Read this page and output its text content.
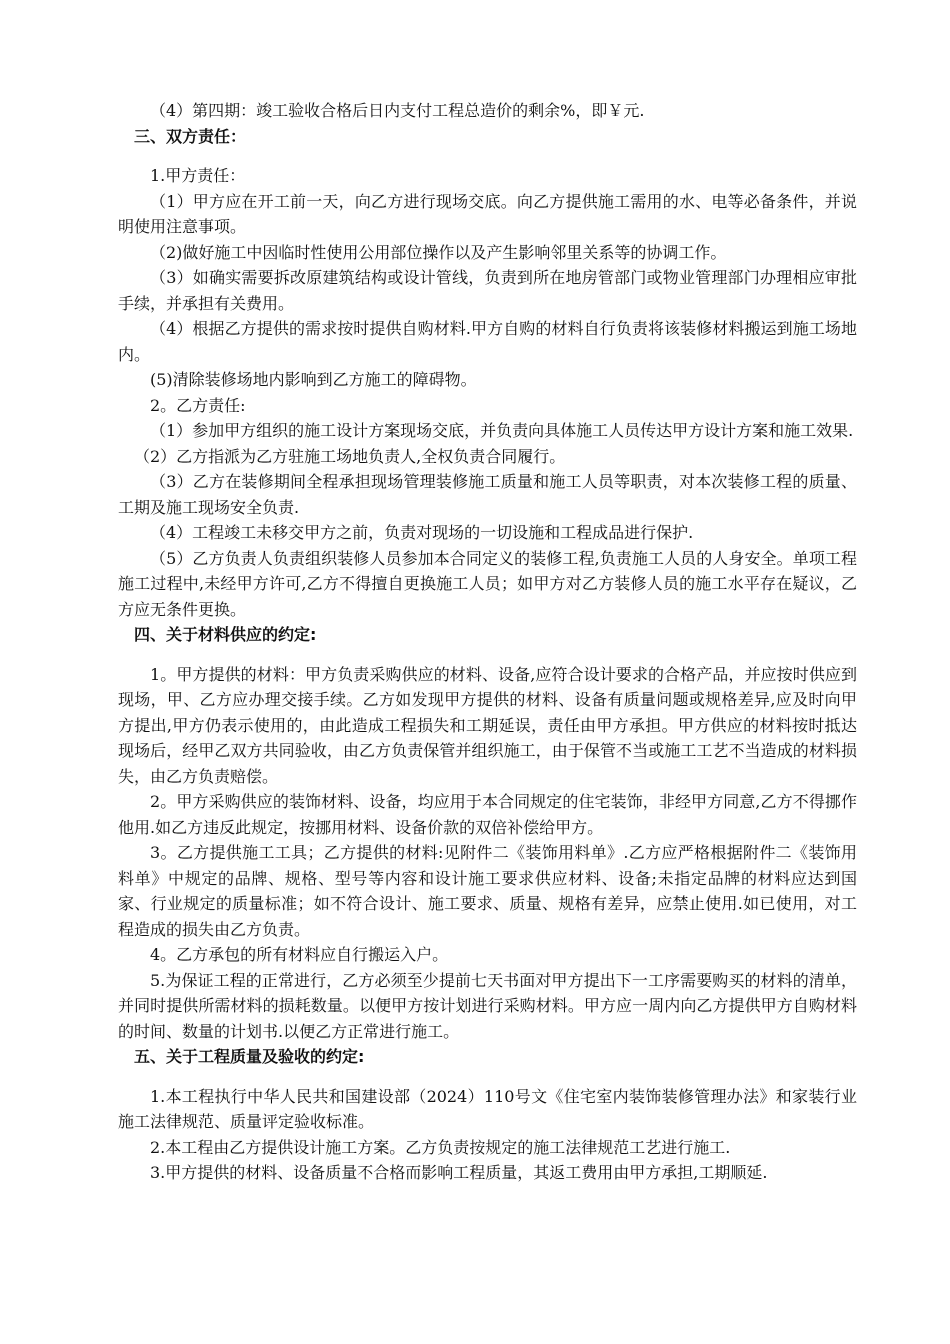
（4）第四期：竣工验收合格后日内支付工程总造价的剩余%，即￥元.

三、双方责任：

1.甲方责任：

（1）甲方应在开工前一天，向乙方进行现场交底。向乙方提供施工需用的水、电等必备条件，并说明使用注意事项。

（2)做好施工中因临时性使用公用部位操作以及产生影响邻里关系等的协调工作。

（3）如确实需要拆改原建筑结构或设计管线，负责到所在地房管部门或物业管理部门办理相应审批手续，并承担有关费用。

（4）根据乙方提供的需求按时提供自购材料.甲方自购的材料自行负责将该装修材料搬运到施工场地内。

(5)清除装修场地内影响到乙方施工的障碍物。

2。乙方责任:

（1）参加甲方组织的施工设计方案现场交底，并负责向具体施工人员传达甲方设计方案和施工效果.

（2）乙方指派为乙方驻施工场地负责人,全权负责合同履行。

（3）乙方在装修期间全程承担现场管理装修施工质量和施工人员等职责，对本次装修工程的质量、工期及施工现场安全负责.

（4）工程竣工未移交甲方之前，负责对现场的一切设施和工程成品进行保护.

（5）乙方负责人负责组织装修人员参加本合同定义的装修工程,负责施工人员的人身安全。单项工程施工过程中,未经甲方许可,乙方不得擅自更换施工人员；如甲方对乙方装修人员的施工水平存在疑议，乙方应无条件更换。

四、关于材料供应的约定:

1。甲方提供的材料：甲方负责采购供应的材料、设备,应符合设计要求的合格产品，并应按时供应到现场，甲、乙方应办理交接手续。乙方如发现甲方提供的材料、设备有质量问题或规格差异,应及时向甲方提出,甲方仍表示使用的，由此造成工程损失和工期延误，责任由甲方承担。甲方供应的材料按时抵达现场后，经甲乙双方共同验收，由乙方负责保管并组织施工，由于保管不当或施工工艺不当造成的材料损失，由乙方负责赔偿。

2。甲方采购供应的装饰材料、设备，均应用于本合同规定的住宅装饰，非经甲方同意,乙方不得挪作他用.如乙方违反此规定，按挪用材料、设备价款的双倍补偿给甲方。

3。乙方提供施工工具；乙方提供的材料:见附件二《装饰用料单》.乙方应严格根据附件二《装饰用料单》中规定的品牌、规格、型号等内容和设计施工要求供应材料、设备;未指定品牌的材料应达到国家、行业规定的质量标准；如不符合设计、施工要求、质量、规格有差异，应禁止使用.如已使用，对工程造成的损失由乙方负责。

4。乙方承包的所有材料应自行搬运入户。

5.为保证工程的正常进行，乙方必须至少提前七天书面对甲方提出下一工序需要购买的材料的清单，并同时提供所需材料的损耗数量。以便甲方按计划进行采购材料。甲方应一周内向乙方提供甲方自购材料的时间、数量的计划书.以便乙方正常进行施工。

五、关于工程质量及验收的约定:

1.本工程执行中华人民共和国建设部（2024）110号文《住宅室内装饰装修管理办法》和家装行业施工法律规范、质量评定验收标准。

2.本工程由乙方提供设计施工方案。乙方负责按规定的施工法律规范工艺进行施工.

3.甲方提供的材料、设备质量不合格而影响工程质量，其返工费用由甲方承担,工期顺延.
